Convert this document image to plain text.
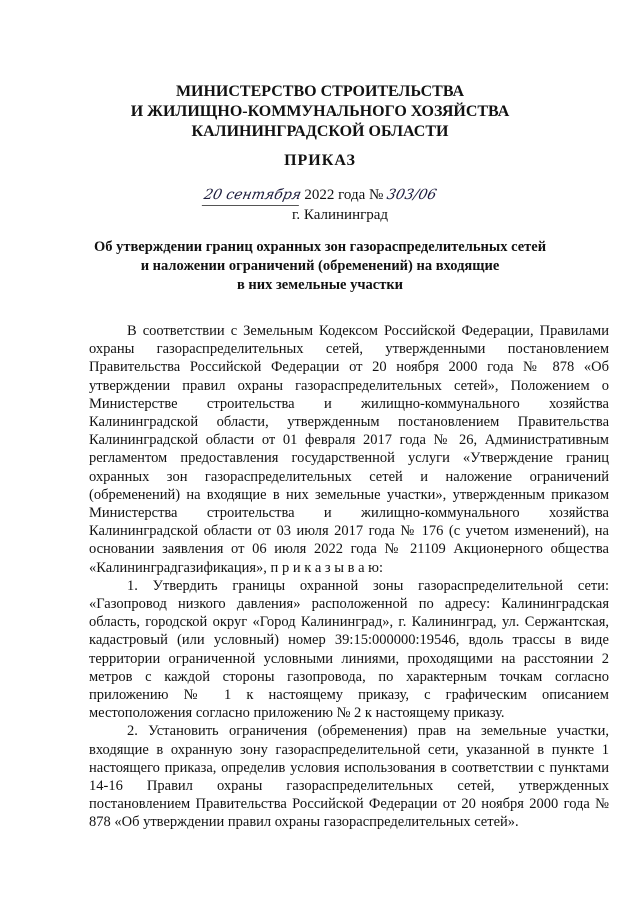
МИНИСТЕРСТВО СТРОИТЕЛЬСТВА
И ЖИЛИЩНО-КОММУНАЛЬНОГО ХОЗЯЙСТВА
КАЛИНИНГРАДСКОЙ ОБЛАСТИ
ПРИКАЗ
20 сентября 2022 года № 303/06
г. Калининград
Об утверждении границ охранных зон газораспределительных сетей
и наложении ограничений (обременений) на входящие
в них земельные участки

В соответствии с Земельным Кодексом Российской Федерации, Правилами охраны газораспределительных сетей, утвержденными постановлением Правительства Российской Федерации от 20 ноября 2000 года № 878 «Об утверждении правил охраны газораспределительных сетей», Положением о Министерстве строительства и жилищно-коммунального хозяйства Калининградской области, утвержденным постановлением Правительства Калининградской области от 01 февраля 2017 года № 26, Административным регламентом предоставления государственной услуги «Утверждение границ охранных зон газораспределительных сетей и наложение ограничений (обременений) на входящие в них земельные участки», утвержденным приказом Министерства строительства и жилищно-коммунального хозяйства Калининградской области от 03 июля 2017 года № 176 (с учетом изменений), на основании заявления от 06 июля 2022 года № 21109 Акционерного общества «Калининградгазификация», п р и к а з ы в а ю:

1. Утвердить границы охранной зоны газораспределительной сети: «Газопровод низкого давления» расположенной по адресу: Калининградская область, городской округ «Город Калининград», г. Калининград, ул. Сержантская, кадастровый (или условный) номер 39:15:000000:19546, вдоль трассы в виде территории ограниченной условными линиями, проходящими на расстоянии 2 метров с каждой стороны газопровода, по характерным точкам согласно приложению № 1 к настоящему приказу, с графическим описанием местоположения согласно приложению № 2 к настоящему приказу.

2. Установить ограничения (обременения) прав на земельные участки, входящие в охранную зону газораспределительной сети, указанной в пункте 1 настоящего приказа, определив условия использования в соответствии с пунктами 14-16 Правил охраны газораспределительных сетей, утвержденных постановлением Правительства Российской Федерации от 20 ноября 2000 года № 878 «Об утверждении правил охраны газораспределительных сетей».
